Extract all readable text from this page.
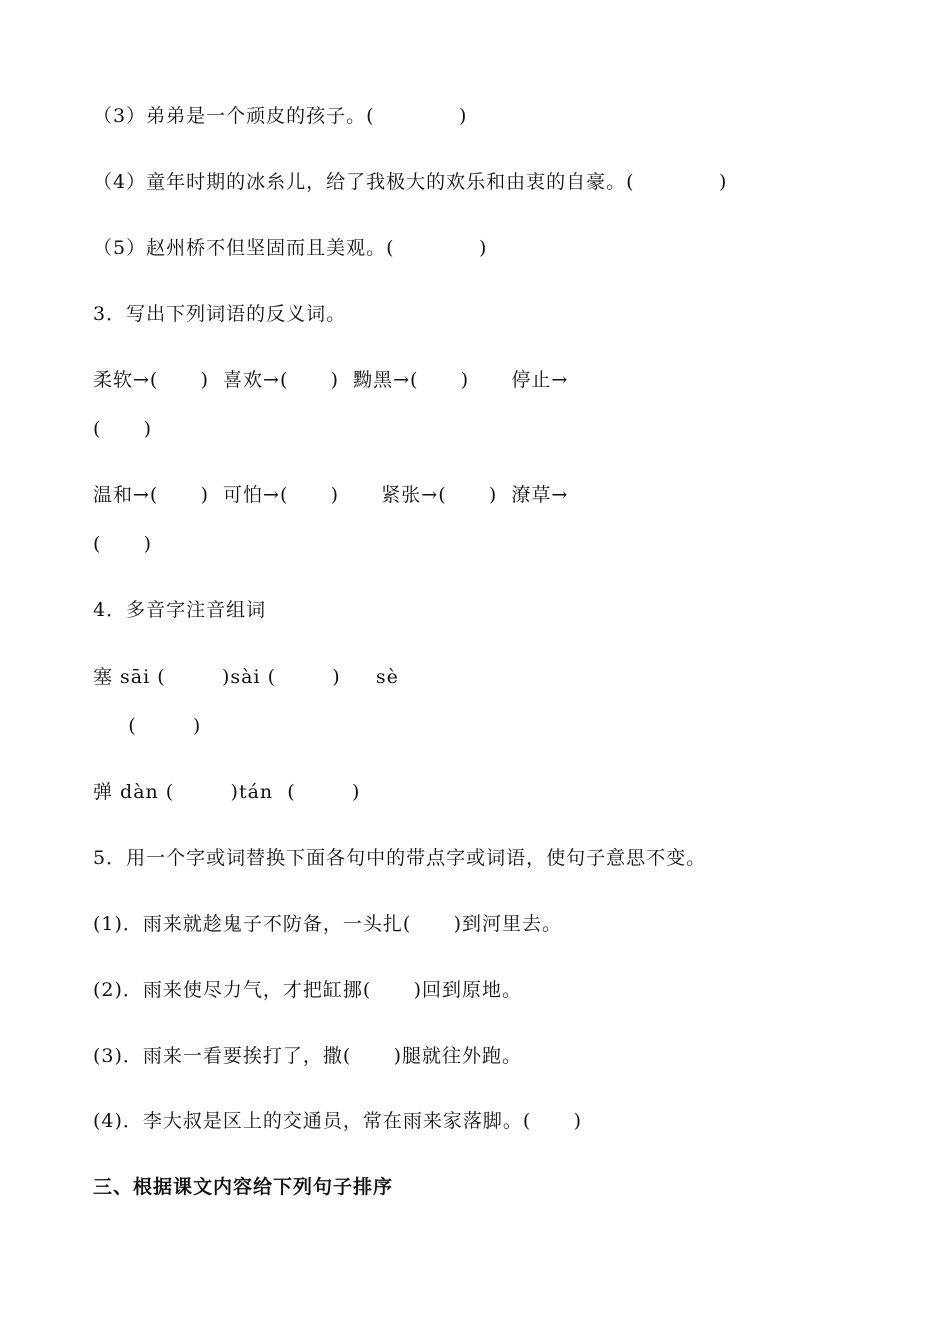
（3）弟弟是一个顽皮的孩子。(            )
（4）童年时期的冰糸儿，给了我极大的欢乐和由衷的自豪。(            )
（5）赵州桥不但坚固而且美观。(            )
3．写出下列词语的反义词。
柔软→(      )  喜欢→(      )  黝黑→(      )      停止→
(      )
温和→(      )  可怕→(      )      紧张→(      )  潦草→
(      )
4．多音字注音组词
塞 sāi (        )sài (        )     sè
(        )
弹 dàn (        )tán  (        )
5．用一个字或词替换下面各句中的带点字或词语，使句子意思不变。
(1)．雨来就趁鬼子不防备，一头扎(      )到河里去。
(2)．雨来使尽力气，才把缸挪(      )回到原地。
(3)．雨来一看要挨打了，撒(      )腿就往外跑。
(4)．李大叔是区上的交通员，常在雨来家落脚。(      )
三、根据课文内容给下列句子排序
